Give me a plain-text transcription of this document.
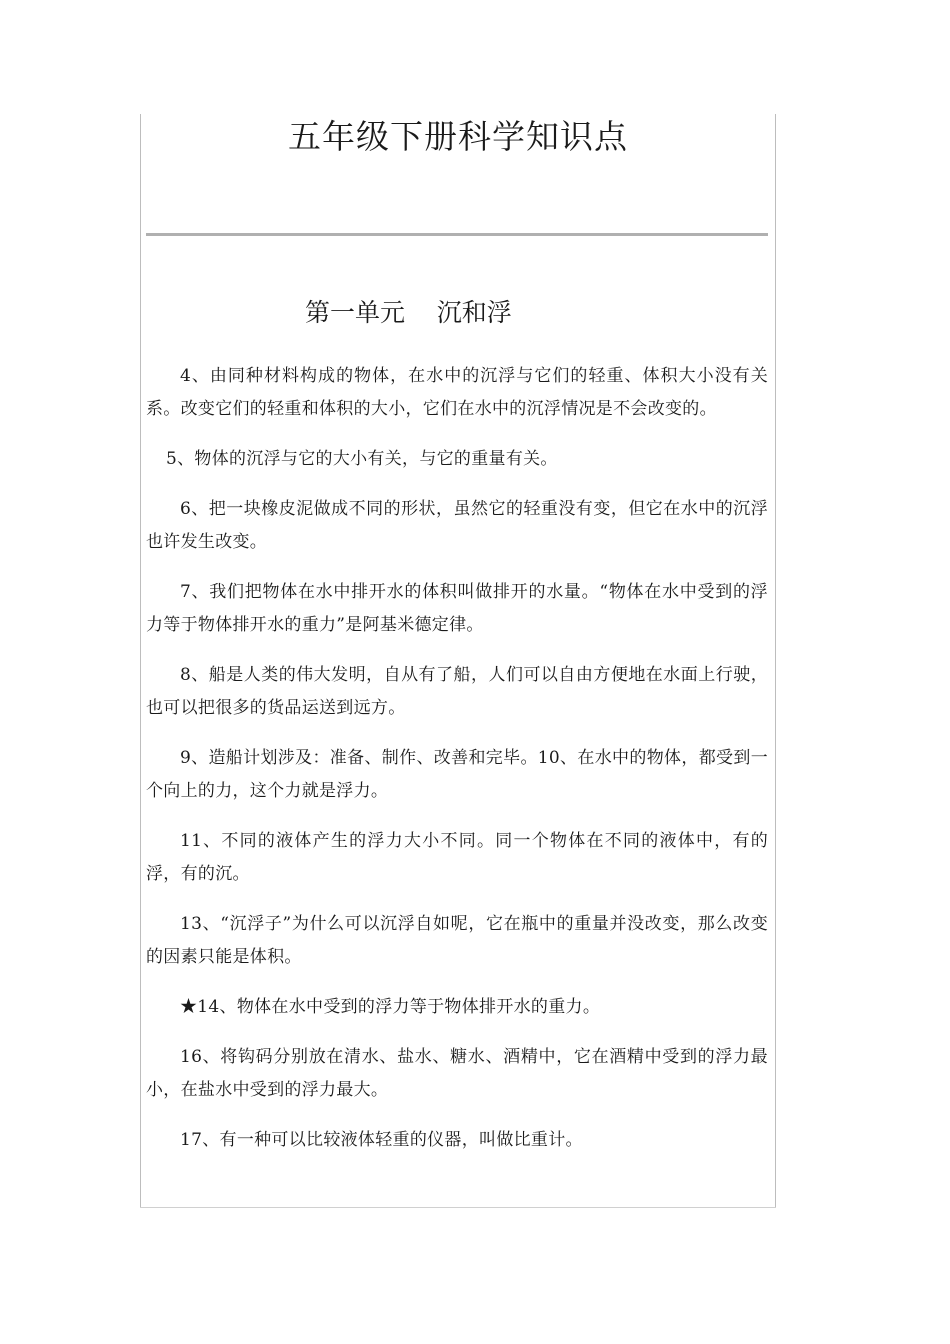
五年级下册科学知识点
第一单元    沉和浮

4、由同种材料构成的物体，在水中的沉浮与它们的轻重、体积大小没有关系。改变它们的轻重和体积的大小，它们在水中的沉浮情况是不会改变的。

5、物体的沉浮与它的大小有关，与它的重量有关。

6、把一块橡皮泥做成不同的形状，虽然它的轻重没有变，但它在水中的沉浮也许发生改变。

7、我们把物体在水中排开水的体积叫做排开的水量。“物体在水中受到的浮力等于物体排开水的重力”是阿基米德定律。

8、船是人类的伟大发明，自从有了船，人们可以自由方便地在水面上行驶，也可以把很多的货品运送到远方。

9、造船计划涉及：准备、制作、改善和完毕。10、在水中的物体，都受到一个向上的力，这个力就是浮力。

11、不同的液体产生的浮力大小不同。同一个物体在不同的液体中，有的浮，有的沉。

13、“沉浮子”为什么可以沉浮自如呢，它在瓶中的重量并没改变，那么改变的因素只能是体积。

★14、物体在水中受到的浮力等于物体排开水的重力。

16、将钩码分别放在清水、盐水、糖水、酒精中，它在酒精中受到的浮力最小，在盐水中受到的浮力最大。

17、有一种可以比较液体轻重的仪器，叫做比重计。
